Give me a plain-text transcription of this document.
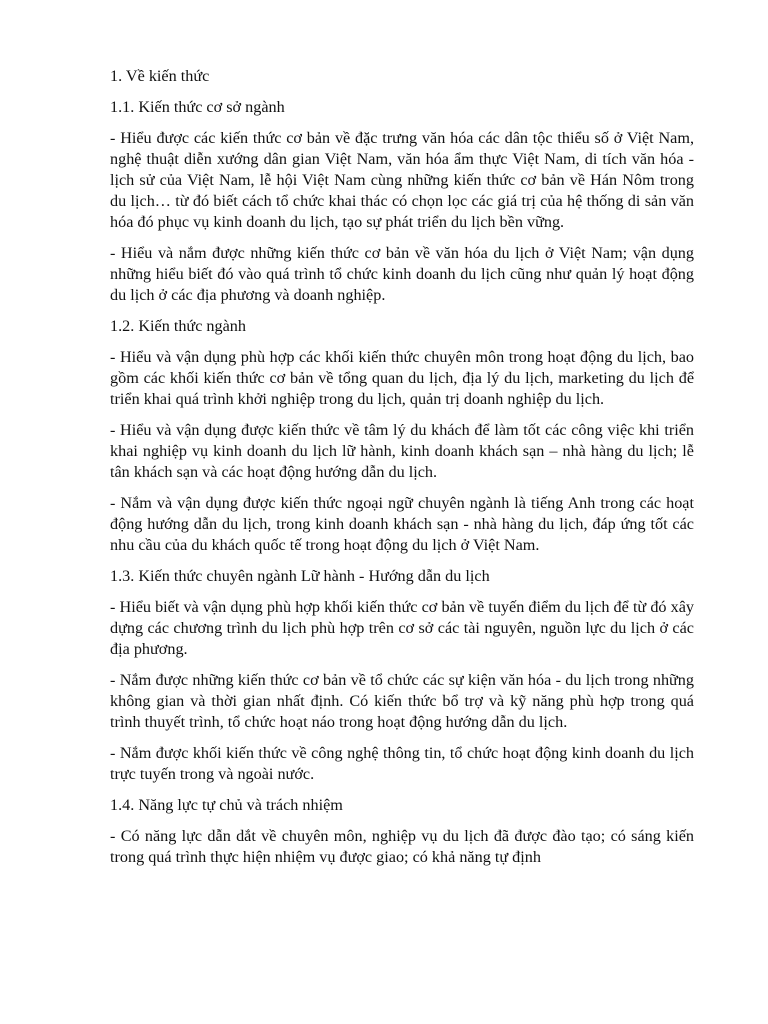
1. Về kiến thức

1.1. Kiến thức cơ sở ngành

- Hiểu được các kiến thức cơ bản về đặc trưng văn hóa các dân tộc thiểu số ở Việt Nam, nghệ thuật diễn xướng dân gian Việt Nam, văn hóa ẩm thực Việt Nam, di tích văn hóa - lịch sử của Việt Nam, lễ hội Việt Nam cùng những kiến thức cơ bản về Hán Nôm trong du lịch… từ đó biết cách tổ chức khai thác có chọn lọc các giá trị của hệ thống di sản văn hóa đó phục vụ kinh doanh du lịch, tạo sự phát triển du lịch bền vững.

- Hiểu và nắm được những kiến thức cơ bản về văn hóa du lịch ở Việt Nam; vận dụng những hiểu biết đó vào quá trình tổ chức kinh doanh du lịch cũng như quản lý hoạt động du lịch ở các địa phương và doanh nghiệp.

1.2. Kiến thức ngành

- Hiểu và vận dụng phù hợp các khối kiến thức chuyên môn trong hoạt động du lịch, bao gồm các khối kiến thức cơ bản về tổng quan du lịch, địa lý du lịch, marketing du lịch để triển khai quá trình khởi nghiệp trong du lịch, quản trị doanh nghiệp du lịch.

- Hiểu và vận dụng được kiến thức về tâm lý du khách để làm tốt các công việc khi triển khai nghiệp vụ kinh doanh du lịch lữ hành, kinh doanh khách sạn – nhà hàng du lịch; lễ tân khách sạn và các hoạt động hướng dẫn du lịch.

- Nắm và vận dụng được kiến thức ngoại ngữ chuyên ngành là tiếng Anh trong các hoạt động hướng dẫn du lịch, trong kinh doanh khách sạn - nhà hàng du lịch, đáp ứng tốt các nhu cầu của du khách quốc tế trong hoạt động du lịch ở Việt Nam.

1.3. Kiến thức chuyên ngành Lữ hành - Hướng dẫn du lịch

- Hiểu biết và vận dụng phù hợp khối kiến thức cơ bản về tuyến điểm du lịch để từ đó xây dựng các chương trình du lịch phù hợp trên cơ sở các tài nguyên, nguồn lực du lịch ở các địa phương.

- Nắm được những kiến thức cơ bản về tổ chức các sự kiện văn hóa - du lịch trong những không gian và thời gian nhất định. Có kiến thức bổ trợ và kỹ năng phù hợp trong quá trình thuyết trình, tổ chức hoạt náo trong hoạt động hướng dẫn du lịch.

- Nắm được khối kiến thức về công nghệ thông tin, tổ chức hoạt động kinh doanh du lịch trực tuyến trong và ngoài nước.

1.4. Năng lực tự chủ và trách nhiệm

- Có năng lực dẫn dắt về chuyên môn, nghiệp vụ du lịch đã được đào tạo; có sáng kiến trong quá trình thực hiện nhiệm vụ được giao; có khả năng tự định
